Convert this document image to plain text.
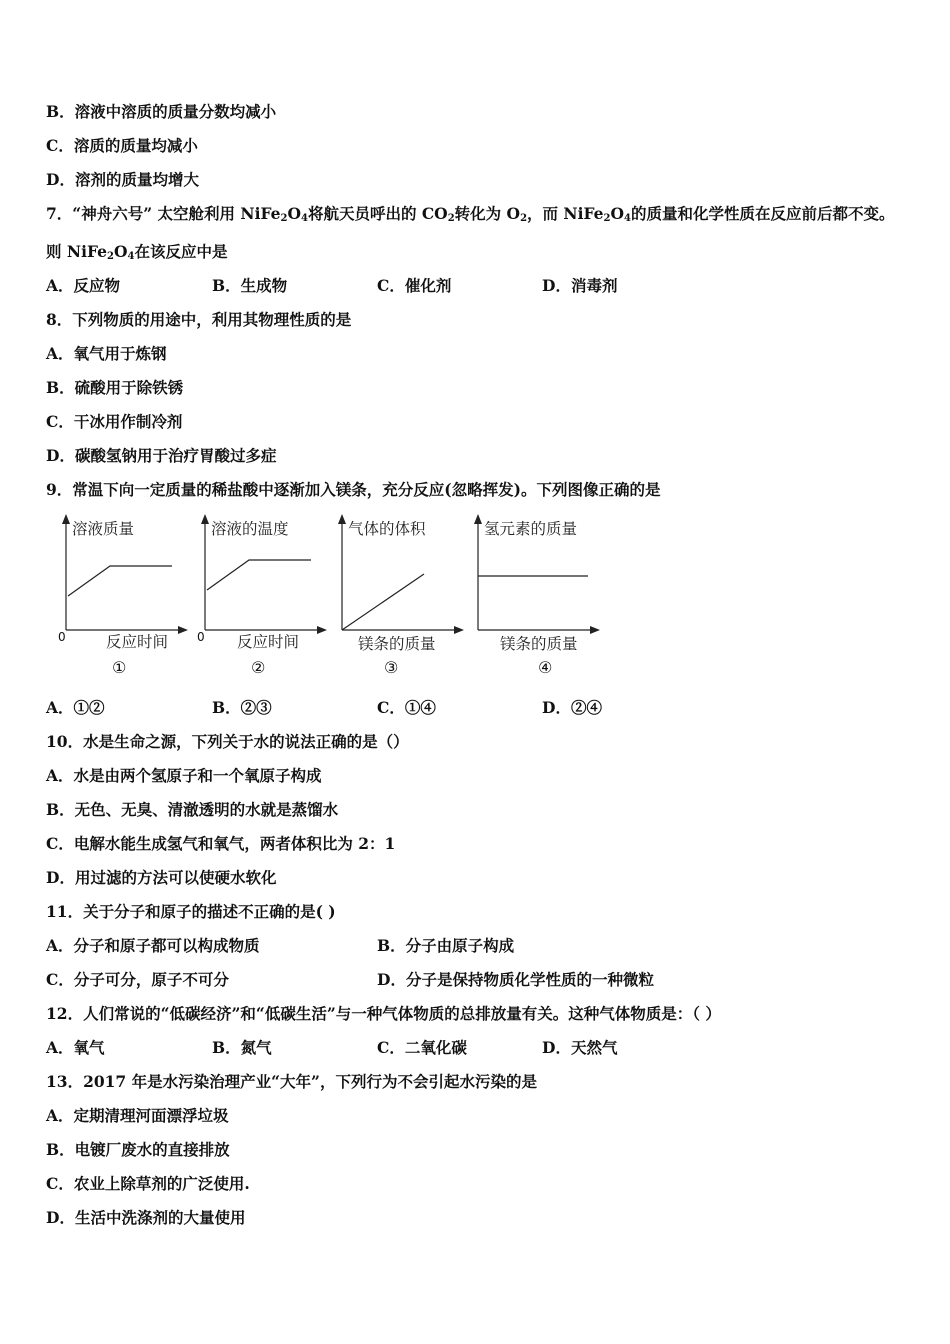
B．溶液中溶质的质量分数均减小
C．溶质的质量均减小
D．溶剂的质量均增大
7．“神舟六号” 太空舱利用 $NiFe_2O_4$将航天员呼出的 $CO_2$转化为 $O_2$，而 $NiFe_2O_4$的质量和化学性质在反应前后都不变。
则 $NiFe_2O_4$在该反应中是
A．反应物	B．生成物	C．催化剂	D．消毒剂
8．下列物质的用途中，利用其物理性质的是
A．氧气用于炼钢
B．硫酸用于除铁锈
C．干冰用作制冷剂
D．碳酸氢钠用于治疗胃酸过多症
9．常温下向一定质量的稀盐酸中逐渐加入镁条，充分反应(忽略挥发)。下列图像正确的是
溶液质量
反应时间
0
①
溶液的温度
反应时间
0
②
气体的体积
镁条的质量
③
氢元素的质量
镁条的质量
④
A．①②	B．②③	C．①④	D．②④
10．水是生命之源，下列关于水的说法正确的是（）
A．水是由两个氢原子和一个氧原子构成
B．无色、无臭、清澈透明的水就是蒸馏水
C．电解水能生成氢气和氧气，两者体积比为 2：1
D．用过滤的方法可以使硬水软化
11．关于分子和原子的描述不正确的是( )
A．分子和原子都可以构成物质	B．分子由原子构成
C．分子可分，原子不可分	D．分子是保持物质化学性质的一种微粒
12．人们常说的“低碳经济”和“低碳生活”与一种气体物质的总排放量有关。这种气体物质是：（ ）
A．氧气	B．氮气	C．二氧化碳	D．天然气
13．2017 年是水污染治理产业“大年”，下列行为不会引起水污染的是
A．定期清理河面漂浮垃圾
B．电镀厂废水的直接排放
C．农业上除草剂的广泛使用.
D．生活中洗涤剂的大量使用
